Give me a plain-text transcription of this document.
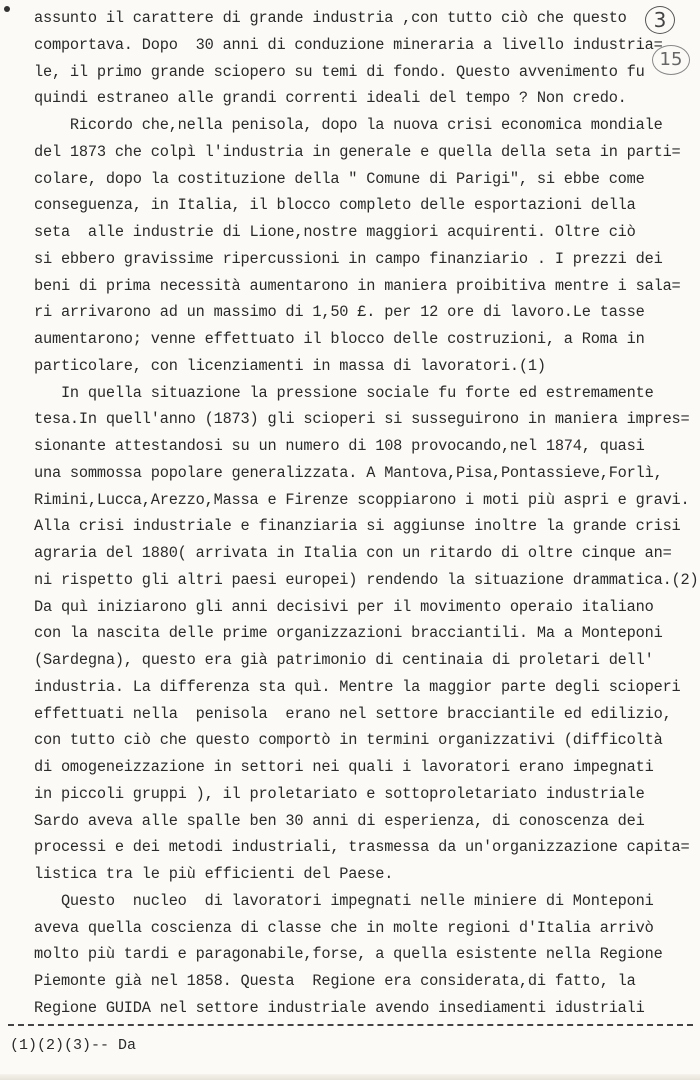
3
15
assunto il carattere di grande industria ,con tutto ciò che questo
comportava. Dopo  30 anni di conduzione mineraria a livello industria=
le, il primo grande sciopero su temi di fondo. Questo avvenimento fu
quindi estraneo alle grandi correnti ideali del tempo ? Non credo.
Ricordo che,nella penisola, dopo la nuova crisi economica mondiale
del 1873 che colpì l'industria in generale e quella della seta in parti=
colare, dopo la costituzione della " Comune di Parigi", si ebbe come
conseguenza, in Italia, il blocco completo delle esportazioni della
seta  alle industrie di Lione,nostre maggiori acquirenti. Oltre ciò
si ebbero gravissime ripercussioni in campo finanziario . I prezzi dei
beni di prima necessità aumentarono in maniera proibitiva mentre i sala=
ri arrivarono ad un massimo di 1,50 £. per 12 ore di lavoro.Le tasse
aumentarono; venne effettuato il blocco delle costruzioni, a Roma in
particolare, con licenziamenti in massa di lavoratori.(1)
In quella situazione la pressione sociale fu forte ed estremamente
tesa.In quell'anno (1873) gli scioperi si susseguirono in maniera impres=
sionante attestandosi su un numero di 108 provocando,nel 1874, quasi
una sommossa popolare generalizzata. A Mantova,Pisa,Pontassieve,Forlì,
Rimini,Lucca,Arezzo,Massa e Firenze scoppiarono i moti più aspri e gravi.
Alla crisi industriale e finanziaria si aggiunse inoltre la grande crisi
agraria del 1880( arrivata in Italia con un ritardo di oltre cinque an=
ni rispetto gli altri paesi europei) rendendo la situazione drammatica.(2)
Da quì iniziarono gli anni decisivi per il movimento operaio italiano
con la nascita delle prime organizzazioni bracciantili. Ma a Monteponi
(Sardegna), questo era già patrimonio di centinaia di proletari dell'
industria. La differenza sta quì. Mentre la maggior parte degli scioperi
effettuati nella  penisola  erano nel settore bracciantile ed edilizio,
con tutto ciò che questo comportò in termini organizzativi (difficoltà
di omogeneizzazione in settori nei quali i lavoratori erano impegnati
in piccoli gruppi ), il proletariato e sottoproletariato industriale
Sardo aveva alle spalle ben 30 anni di esperienza, di conoscenza dei
processi e dei metodi industriali, trasmessa da un'organizzazione capita=
listica tra le più efficienti del Paese.
Questo  nucleo  di lavoratori impegnati nelle miniere di Monteponi
aveva quella coscienza di classe che in molte regioni d'Italia arrivò
molto più tardi e paragonabile,forse, a quella esistente nella Regione
Piemonte già nel 1858. Questa  Regione era considerata,di fatto, la
Regione GUIDA nel settore industriale avendo insediamenti idustriali
(1)(2)(3)-- Da
